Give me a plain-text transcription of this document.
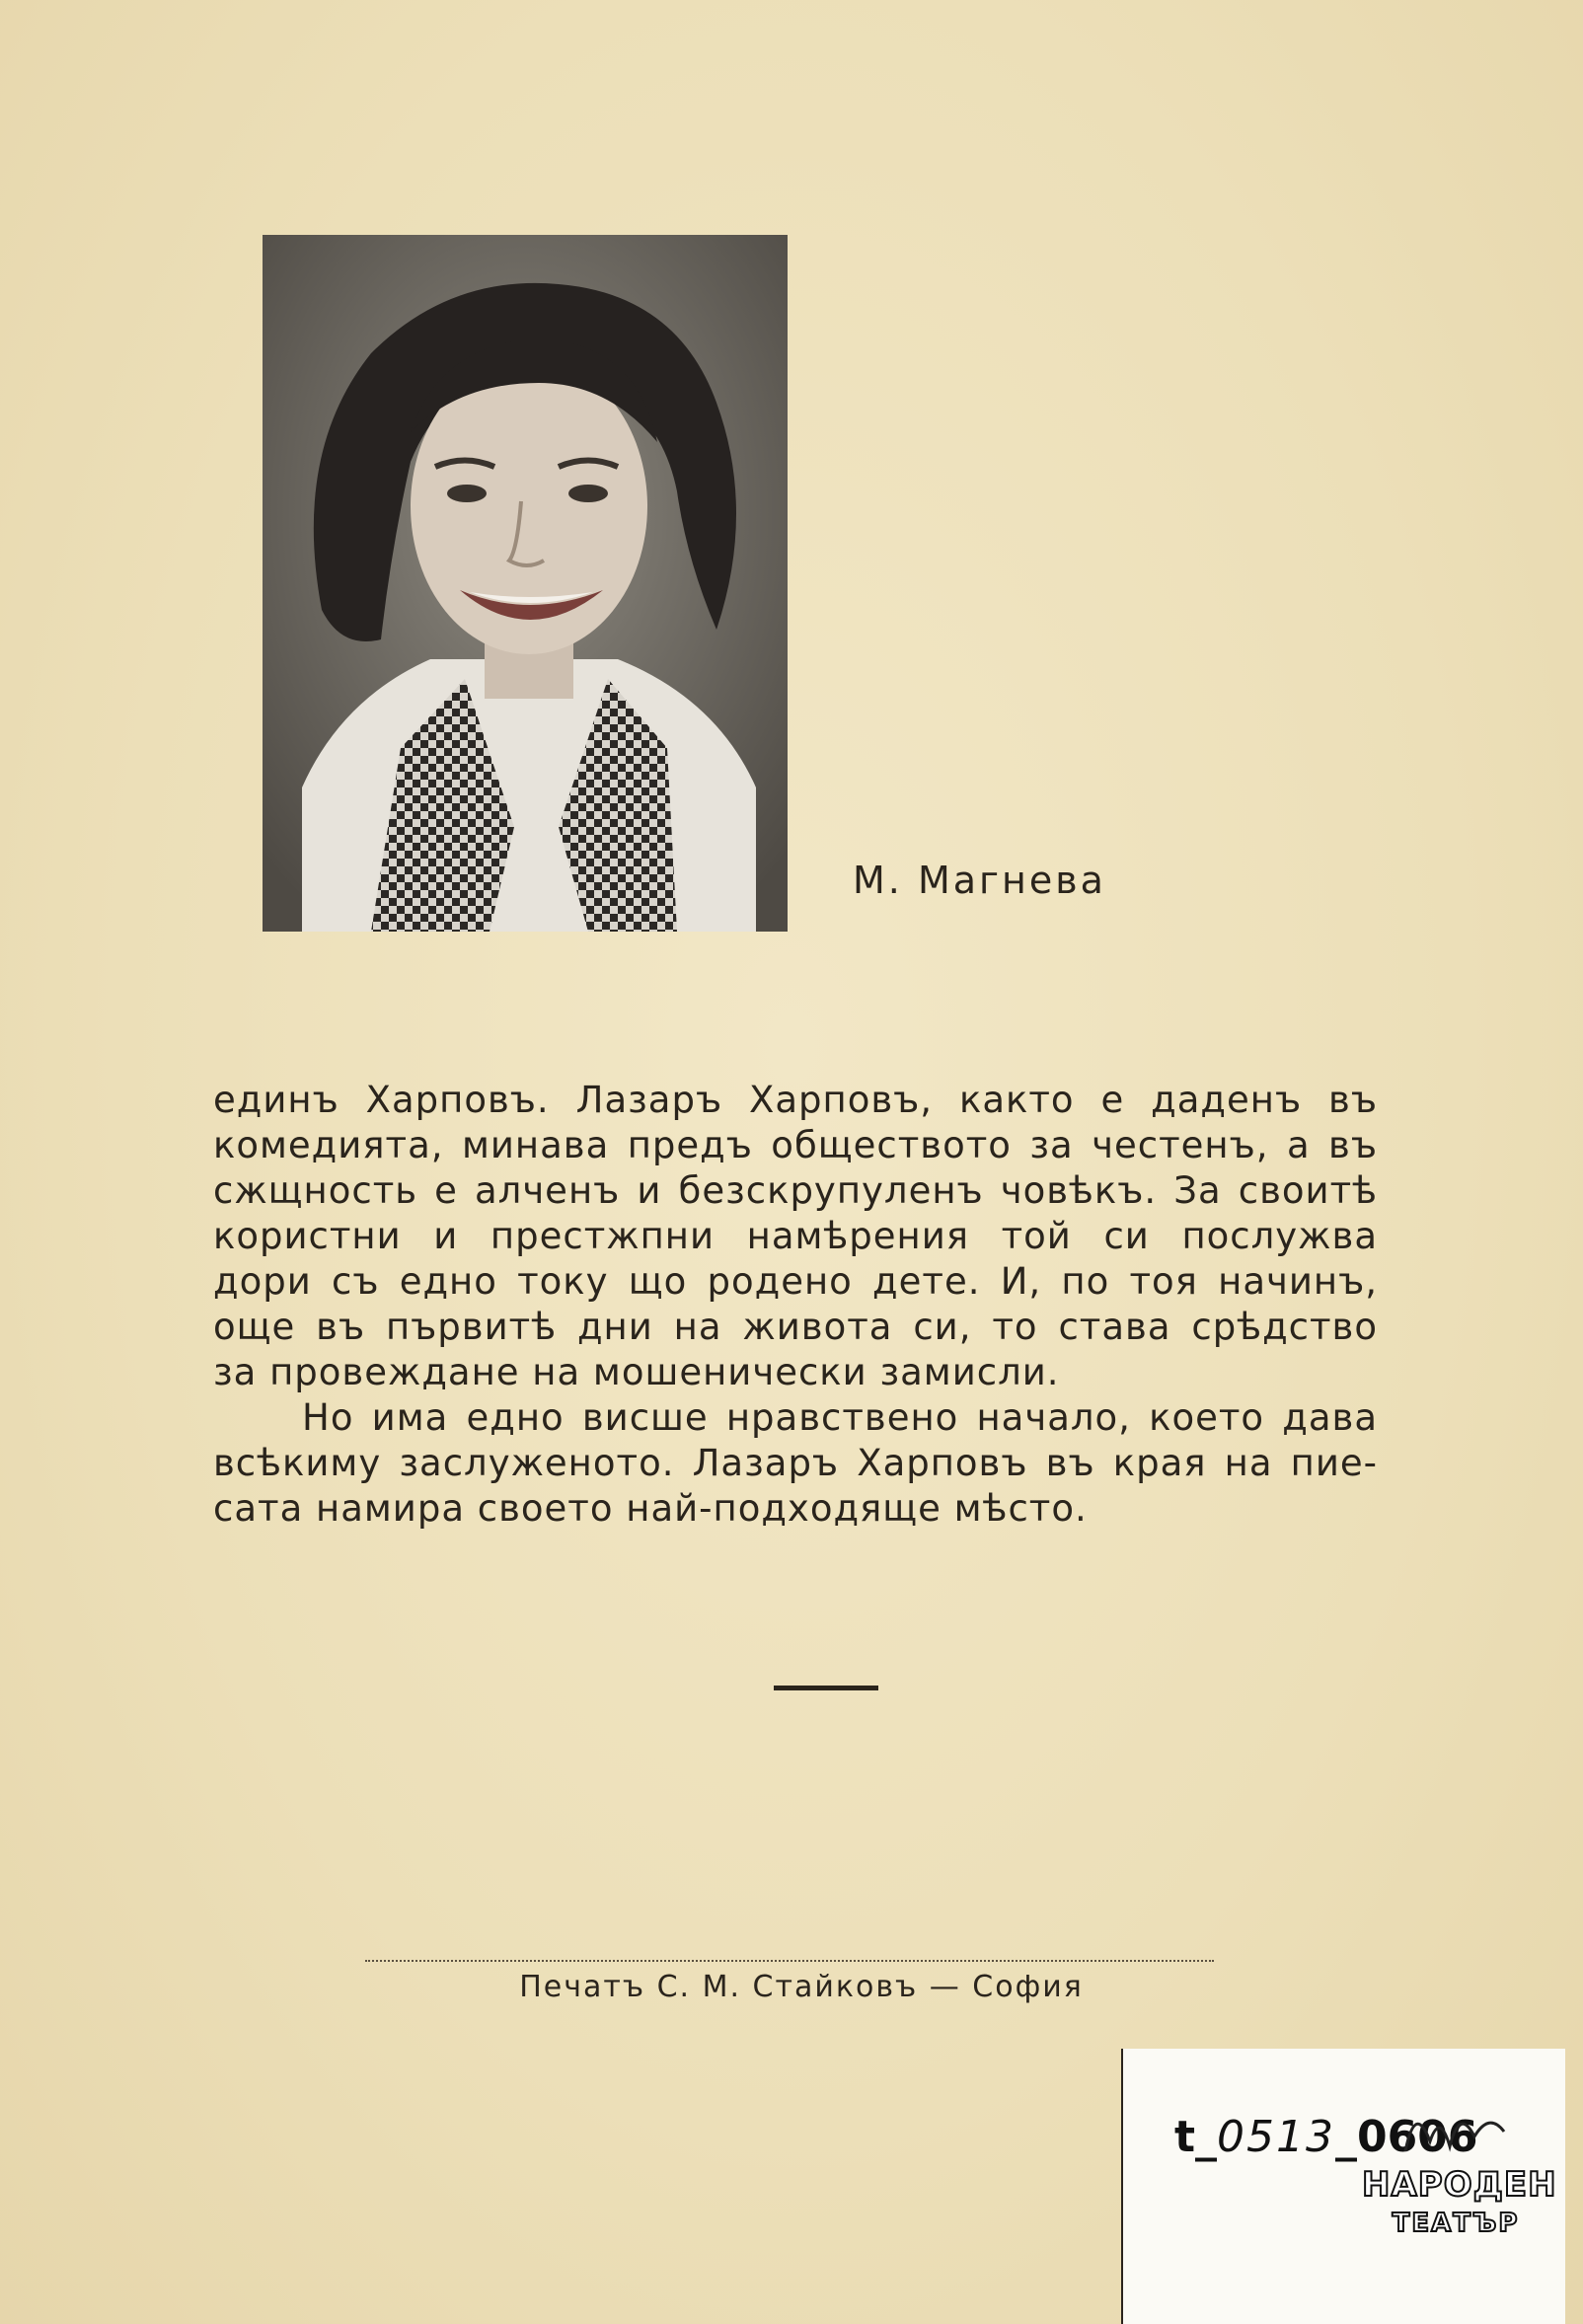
М. Магнева
единъ Харповъ. Лазаръ Харповъ, както е даденъ въ
комедията, минава предъ обществото за честенъ, а въ
сжщность е алченъ и безскрупуленъ човѣкъ. За своитѣ
користни и престжпни намѣрения той си послужва
дори съ едно току що родено дете. И, по тоя начинъ,
още въ първитѣ дни на живота си, то става срѣдство
за провеждане на мошенически замисли.
Но има едно висше нравствено начало, което дава
всѣкиму заслуженото. Лазаръ Харповъ въ края на пие-
сата намира своето най-подходяще мѣсто.
Печатъ С. М. Стайковъ — София
t_0513_0606
НАРОДЕН
ТЕАТЪР
